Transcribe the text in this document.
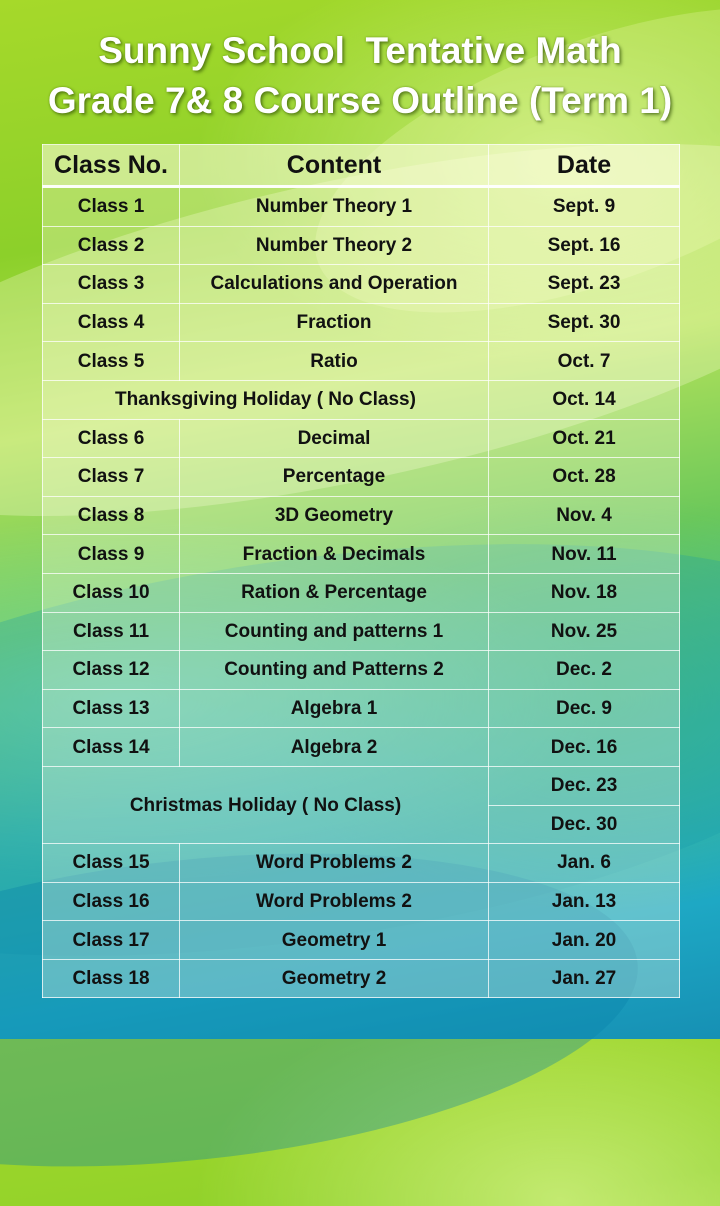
Sunny School  Tentative Math
Grade 7& 8 Course Outline (Term 1)
Class No.	Content	Date
Class 1	Number Theory 1	Sept. 9
Class 2	Number Theory 2	Sept. 16
Class 3	Calculations and Operation	Sept. 23
Class 4	Fraction	Sept. 30
Class 5	Ratio	Oct. 7
Thanksgiving Holiday ( No Class)		Oct. 14
Class 6	Decimal	Oct. 21
Class 7	Percentage	Oct. 28
Class 8	3D Geometry	Nov. 4
Class 9	Fraction & Decimals	Nov. 11
Class 10	Ration & Percentage	Nov. 18
Class 11	Counting and patterns 1	Nov. 25
Class 12	Counting and Patterns 2	Dec. 2
Class 13	Algebra 1	Dec. 9
Class 14	Algebra 2	Dec. 16
Christmas Holiday ( No Class)		Dec. 23
		Dec. 30
Class 15	Word Problems 2	Jan. 6
Class 16	Word Problems 2	Jan. 13
Class 17	Geometry 1	Jan. 20
Class 18	Geometry 2	Jan. 27
